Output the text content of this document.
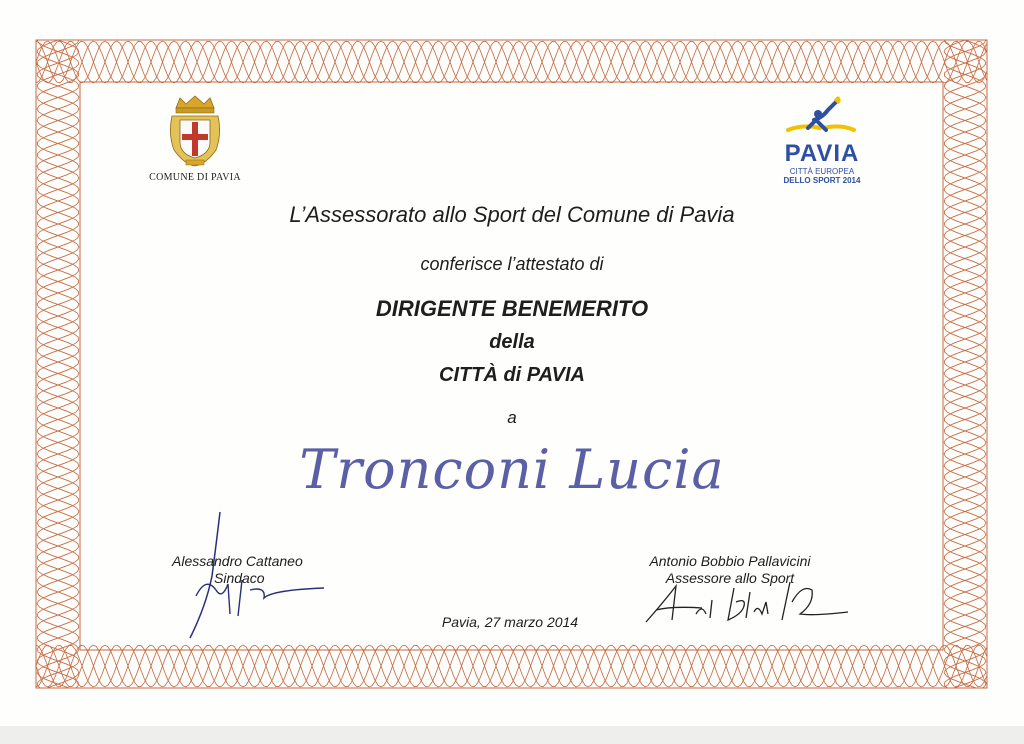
COMUNE DI PAVIA

PAVIA

CITTÀ EUROPEA
DELLO SPORT 2014

L’Assessorato allo Sport del Comune di Pavia

conferisce l’attestato di

DIRIGENTE BENEMERITO

della

CITTÀ di PAVIA

a

Tronconi Lucia

Alessandro Cattaneo

Sindaco

Antonio Bobbio Pallavicini

Assessore allo Sport

Pavia, 27 marzo 2014
